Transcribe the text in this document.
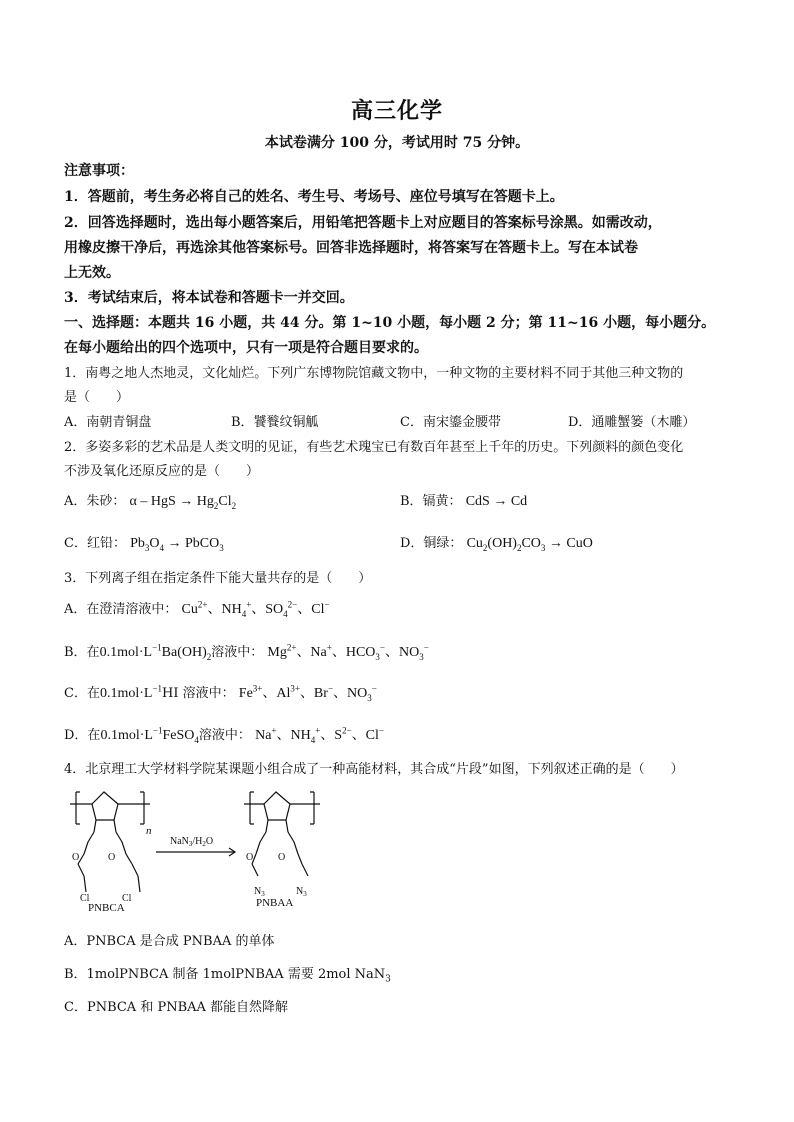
高三化学
本试卷满分 100 分，考试用时 75 分钟。
注意事项：
1．答题前，考生务必将自己的姓名、考生号、考场号、座位号填写在答题卡上。
2．回答选择题时，选出每小题答案后，用铅笔把答题卡上对应题目的答案标号涂黑。如需改动，
用橡皮擦干净后，再选涂其他答案标号。回答非选择题时，将答案写在答题卡上。写在本试卷
上无效。
3．考试结束后，将本试卷和答题卡一并交回。
一、选择题：本题共 16 小题，共 44 分。第 1~10 小题，每小题 2 分；第 11~16 小题，每小题分。
在每小题给出的四个选项中，只有一项是符合题目要求的。
1．南粤之地人杰地灵，文化灿烂。下列广东博物院馆藏文物中，一种文物的主要材料不同于其他三种文物的
是（　　）
A．南朝青铜盘	B．饕餮纹铜觚	C．南宋鎏金腰带	D．通雕蟹篓（木雕）
2．多姿多彩的艺术品是人类文明的见证，有些艺术瑰宝已有数百年甚至上千年的历史。下列颜料的颜色变化
不涉及氧化还原反应的是（　　）
A．朱砂： α – HgS → $Hg_2Cl_2$	B．镉黄： CdS → Cd
C．红铅： $Pb_3O_4$ → PbCO$_3$	D．铜绿： $Cu_2(OH)_2CO_3$ → CuO
3．下列离子组在指定条件下能大量共存的是（　　）
A．在澄清溶液中： $Cu^{2+}$、$NH_4^+$、$SO_4^{2-}$、Cl−
B．在$0.1mol\cdot L^{-1}Ba(OH)_2$溶液中： $Mg^{2+}$、Na+、$HCO_3^-$、$NO_3^-$
C．在$0.1mol\cdot L^{-1}HI$ 溶液中： $Fe^{3+}$、$Al^{3+}$、Br−、$NO_3^-$
D．在$0.1mol\cdot L^{-1}FeSO_4$溶液中： Na+、$NH_4^+$、$S^{2-}$、Cl−
4．北京理工大学材料学院某课题小组合成了一种高能材料，其合成“片段”如图，下列叙述正确的是（　　）
n
O	O
Cl	Cl
PNBCA
$NaN_3/H_2O$
O O
$N_3$	$N_3$
PNBAA
A．PNBCA 是合成 PNBAA 的单体
B．1molPNBCA 制备 1molPNBAA 需要 2mol NaN$_3$
C．PNBCA 和 PNBAA 都能自然降解
